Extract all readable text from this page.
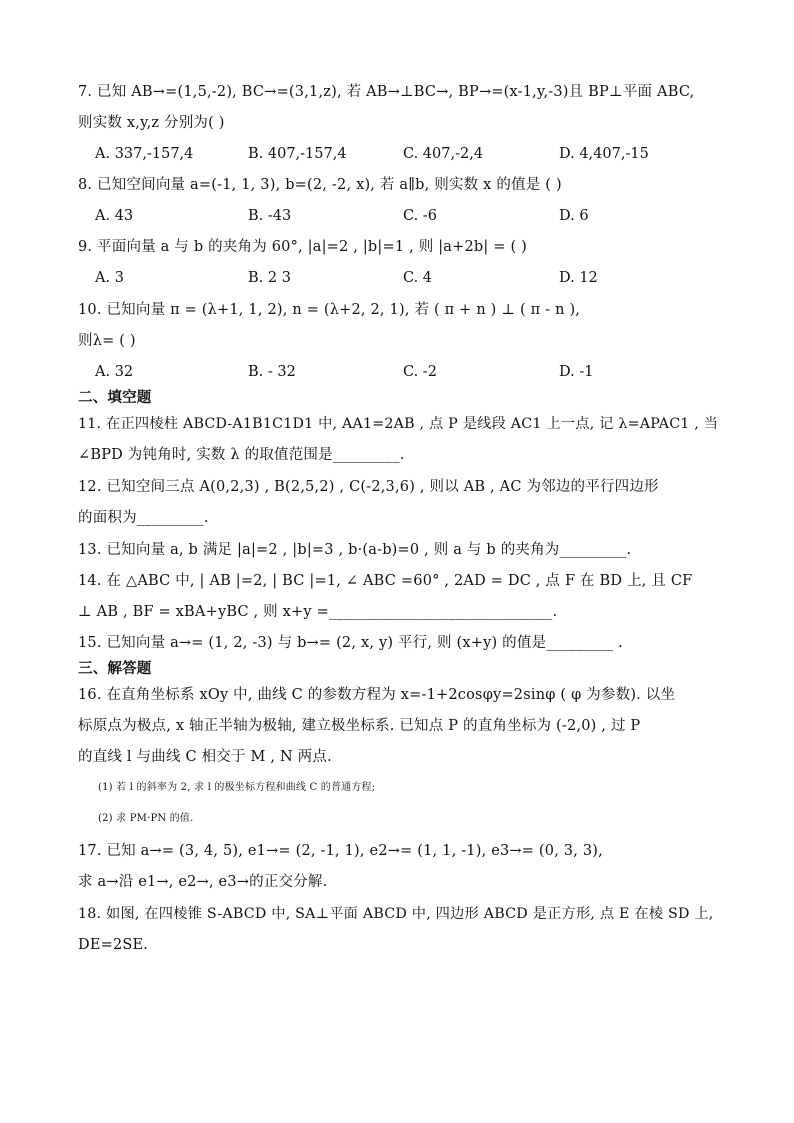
7. 已知 AB→=(1,5,-2), BC→=(3,1,z), 若 AB→⊥BC→, BP→=(x-1,y,-3)且 BP⊥平面 ABC,
则实数 x,y,z 分别为( )
A. 337,-157,4	B. 407,-157,4	C. 407,-2,4	D. 4,407,-15
8. 已知空间向量 a=(-1, 1, 3), b=(2, -2, x), 若 a∥b, 则实数 x 的值是 ( )
A. 43	B. -43	C. -6	D. 6
9. 平面向量 a 与 b 的夹角为 60°, |a|=2 , |b|=1 , 则 |a+2b| = ( )
A. 3	B. 2 3	C. 4	D. 12
10. 已知向量 π = (λ+1, 1, 2), n = (λ+2, 2, 1), 若 ( π + n ) ⊥ ( π - n ),
则λ= ( )
A. 32	B. - 32	C. -2	D. -1
二、填空题
11. 在正四棱柱 ABCD-A1B1C1D1 中, AA1=2AB , 点 P 是线段 AC1 上一点, 记 λ=APAC1 , 当
∠BPD 为钝角时, 实数 λ 的取值范围是_________.
12. 已知空间三点 A(0,2,3) , B(2,5,2) , C(-2,3,6) , 则以 AB , AC 为邻边的平行四边形
的面积为_________.
13. 已知向量 a, b 满足 |a|=2 , |b|=3 , b·(a-b)=0 , 则 a 与 b 的夹角为_________.
14. 在 △ABC 中, | AB |=2, | BC |=1, ∠ ABC =60° , 2AD = DC , 点 F 在 BD 上, 且 CF
⊥ AB , BF = xBA+yBC , 则 x+y =______________________________.
15. 已知向量 a→= (1, 2, -3) 与 b→= (2, x, y) 平行, 则 (x+y) 的值是_________ .
三、解答题
16. 在直角坐标系 xOy 中, 曲线 C 的参数方程为 x=-1+2cosφy=2sinφ ( φ 为参数). 以坐
标原点为极点, x 轴正半轴为极轴, 建立极坐标系. 已知点 P 的直角坐标为 (-2,0) , 过 P
的直线 l 与曲线 C 相交于 M , N 两点.
(1) 若 l 的斜率为 2, 求 l 的极坐标方程和曲线 C 的普通方程;
(2) 求 PM·PN 的值.
17. 已知 a→= (3, 4, 5), e1→= (2, -1, 1), e2→= (1, 1, -1), e3→= (0, 3, 3),
求 a→沿 e1→, e2→, e3→的正交分解.
18. 如图, 在四棱锥 S-ABCD 中, SA⊥平面 ABCD 中, 四边形 ABCD 是正方形, 点 E 在棱 SD 上,
DE=2SE.
